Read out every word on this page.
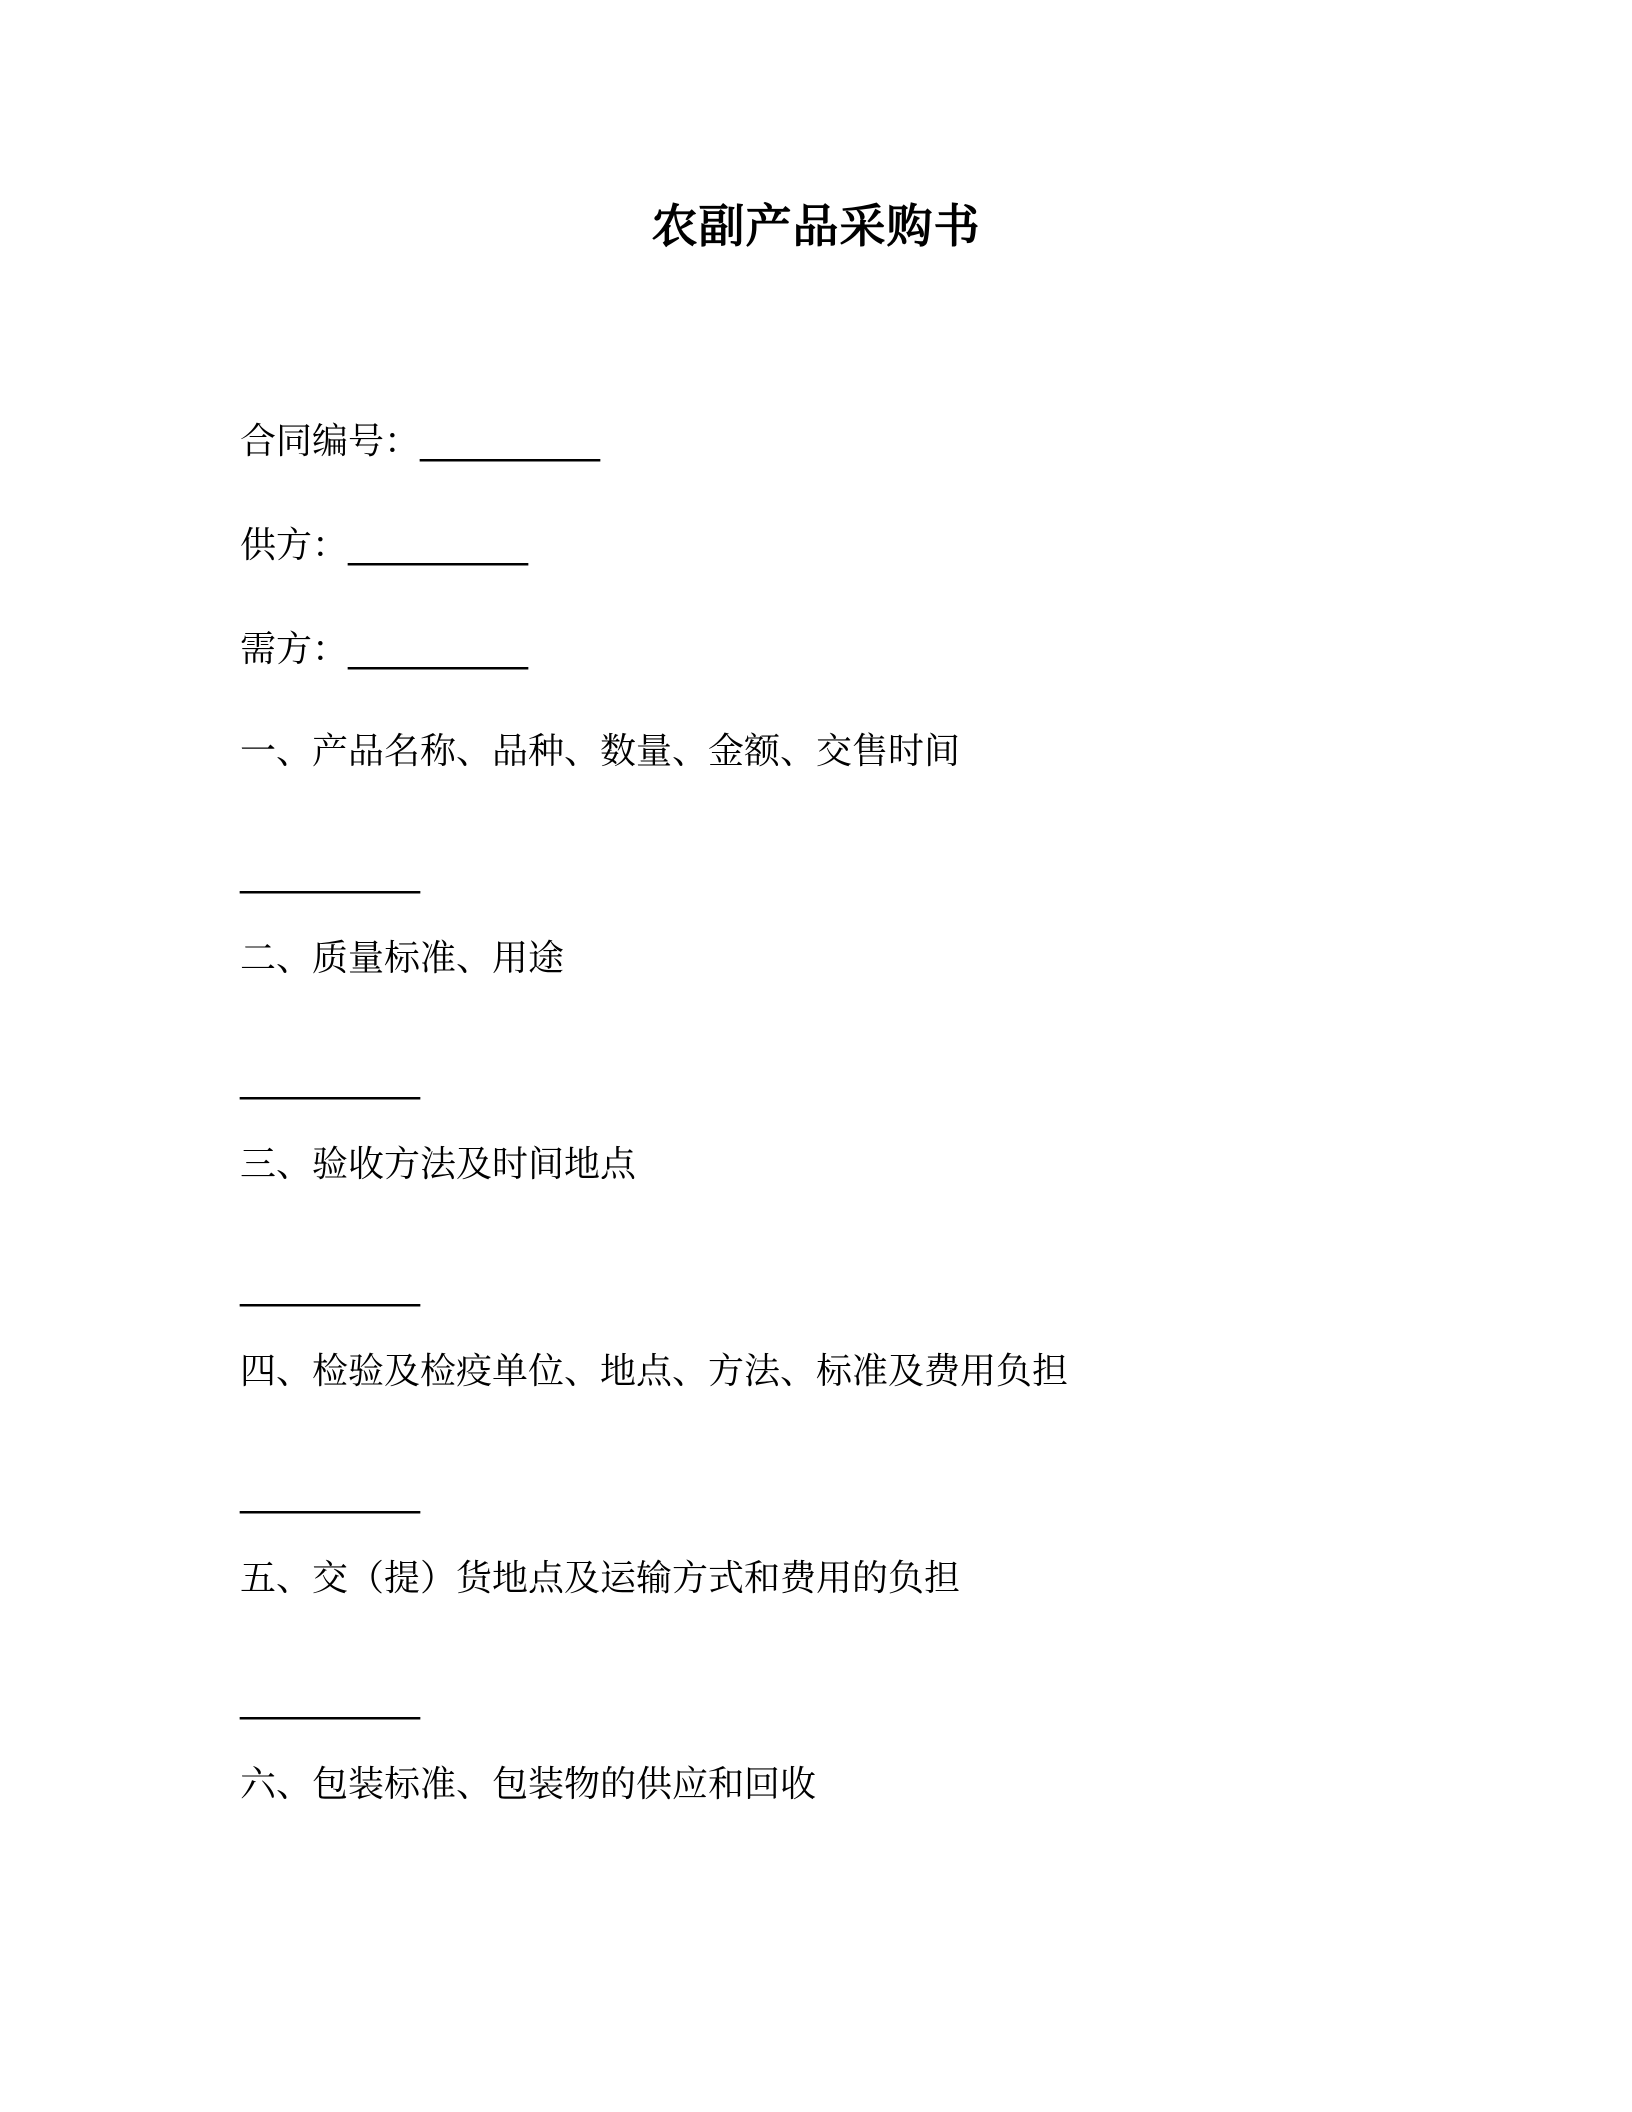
农副产品采购书
合同编号：__________
供方：__________
需方：__________
一、产品名称、品种、数量、金额、交售时间
__________
二、质量标准、用途
__________
三、验收方法及时间地点
__________
四、检验及检疫单位、地点、方法、标准及费用负担
__________
五、交（提）货地点及运输方式和费用的负担
__________
六、包装标准、包装物的供应和回收
